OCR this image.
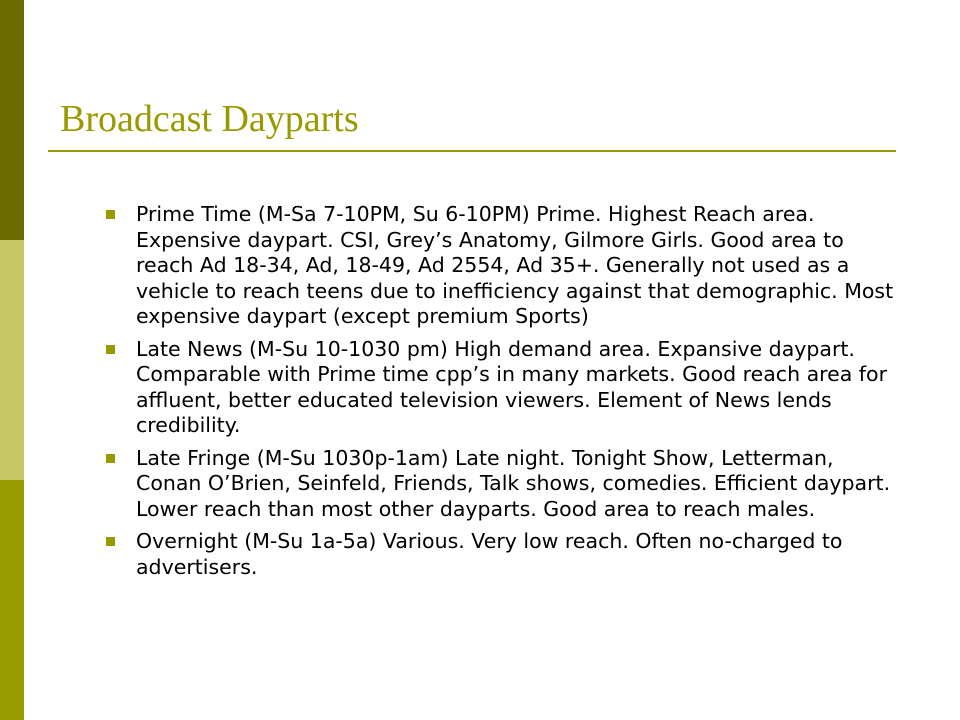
Broadcast Dayparts
Prime Time (M-Sa 7-10PM, Su 6-10PM) Prime. Highest Reach area. Expensive daypart. CSI, Grey’s Anatomy, Gilmore Girls. Good area to reach Ad 18-34, Ad, 18-49, Ad 2554, Ad 35+. Generally not used as a vehicle to reach teens due to inefficiency against that demographic. Most expensive daypart (except premium Sports)
Late News (M-Su 10-1030 pm) High demand area. Expansive daypart. Comparable with Prime time cpp’s in many markets. Good reach area for affluent, better educated television viewers. Element of News lends credibility.
Late Fringe (M-Su 1030p-1am) Late night. Tonight Show, Letterman, Conan O’Brien, Seinfeld, Friends, Talk shows, comedies. Efficient daypart. Lower reach than most other dayparts. Good area to reach males.
Overnight (M-Su 1a-5a) Various. Very low reach. Often no-charged to advertisers.
